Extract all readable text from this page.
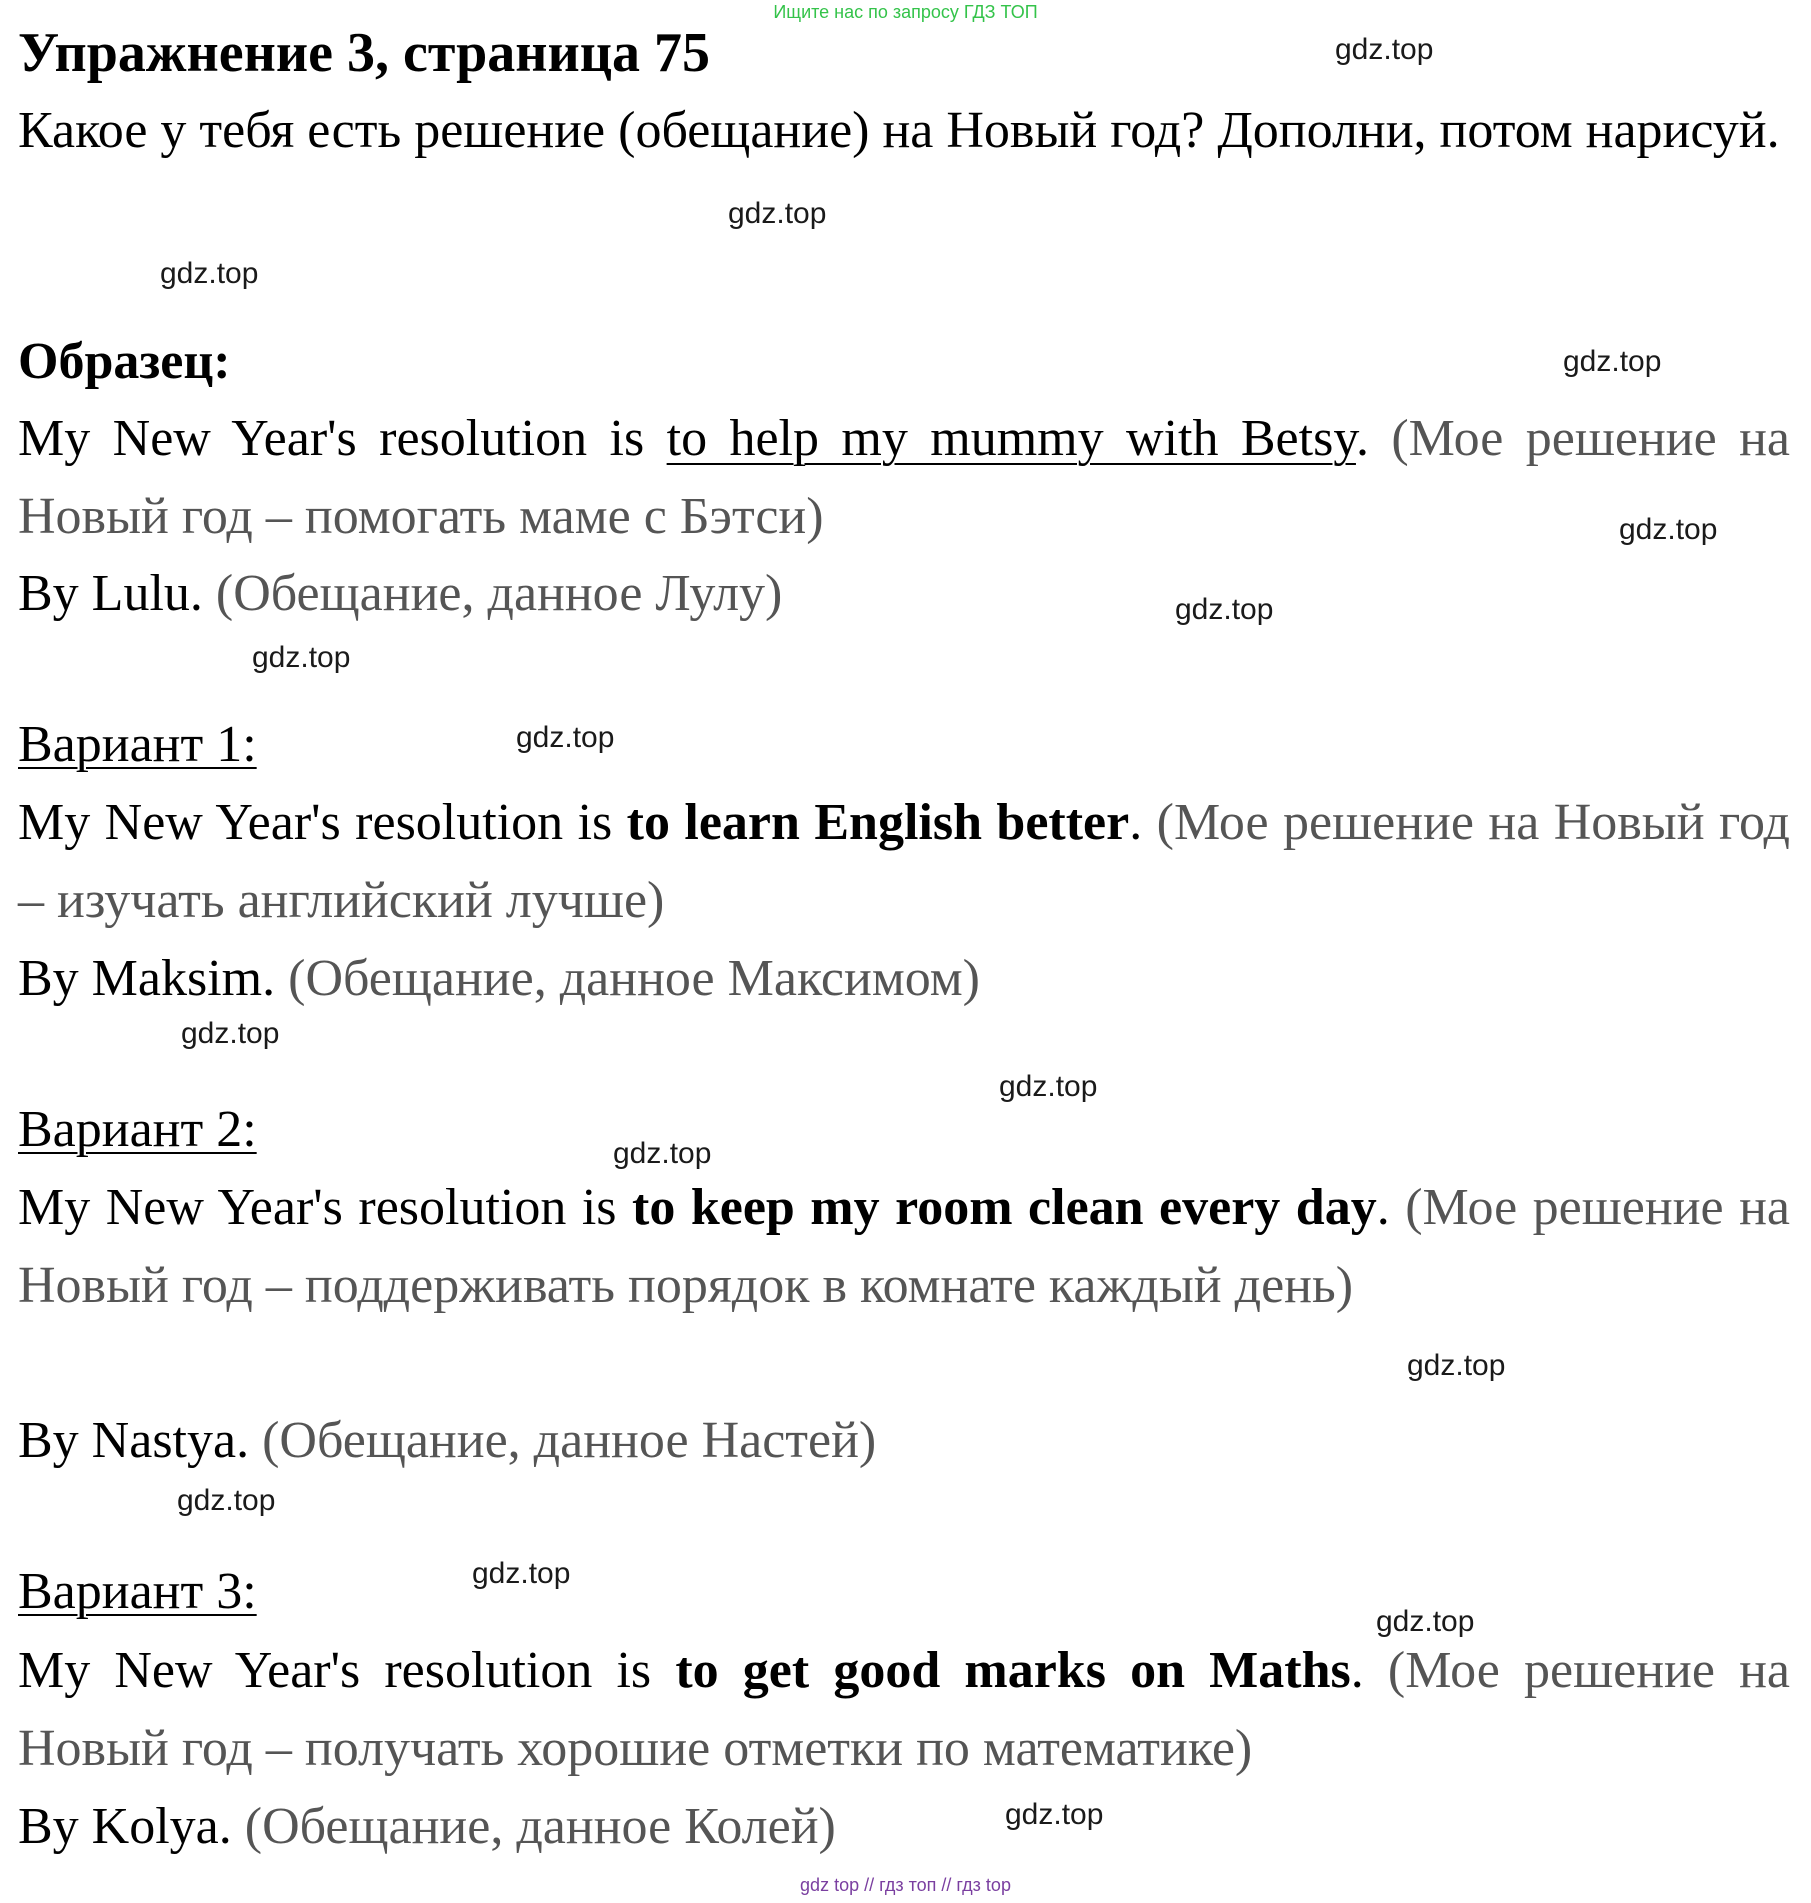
Ищите нас по запросу ГДЗ ТОП
Упражнение 3, страница 75
Какое у тебя есть решение (обещание) на Новый год? Дополни, потом нарисуй.
Образец:
My New Year's resolution is to help my mummy with Betsy. (Мое решение на Новый год – помогать маме с Бэтси)
By Lulu. (Обещание, данное Лулу)
Вариант 1:
My New Year's resolution is to learn English better. (Мое решение на Новый год – изучать английский лучше)
By Maksim. (Обещание, данное Максимом)
Вариант 2:
My New Year's resolution is to keep my room clean every day. (Мое решение на Новый год – поддерживать порядок в комнате каждый день)
By Nastya. (Обещание, данное Настей)
Вариант 3:
My New Year's resolution is to get good marks on Maths. (Мое решение на Новый год – получать хорошие отметки по математике)
By Kolya. (Обещание, данное Колей)
gdz.top
gdz.top
gdz.top
gdz.top
gdz.top
gdz.top
gdz.top
gdz.top
gdz.top
gdz.top
gdz.top
gdz.top
gdz.top
gdz.top
gdz.top
gdz.top
gdz top // гдз топ // гдз top
